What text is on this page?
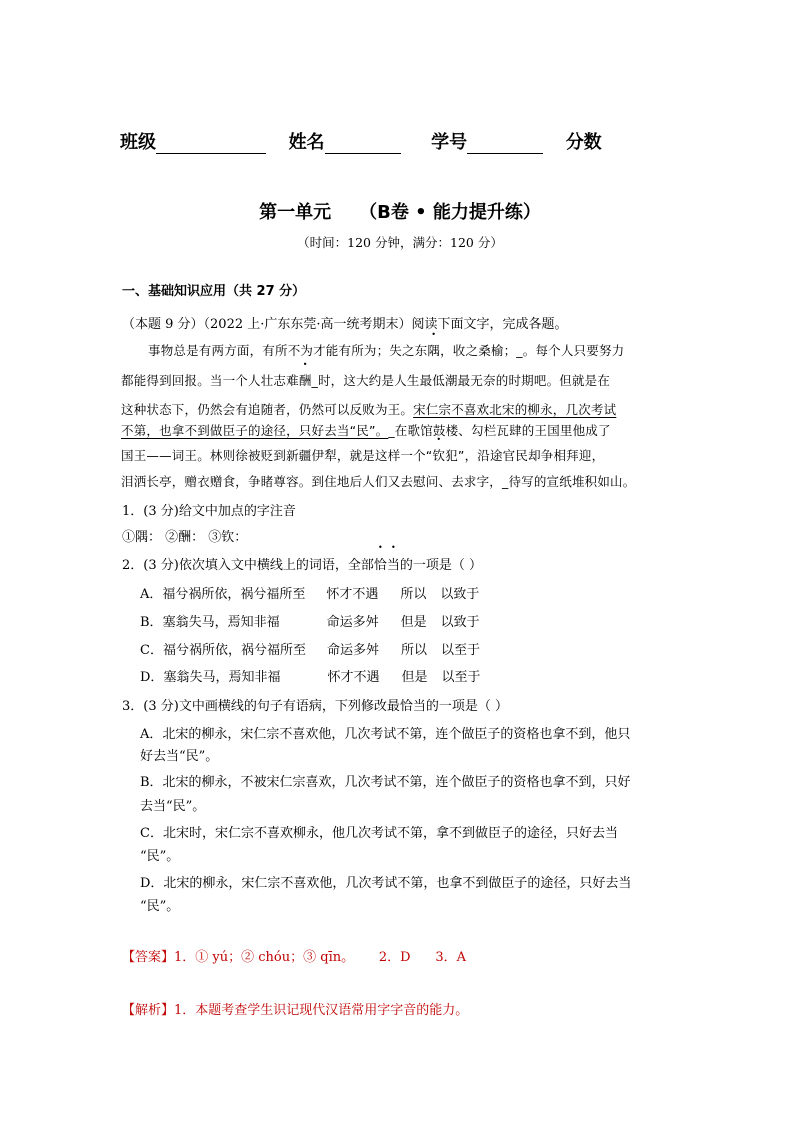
班级	姓名	学号	分数
第一单元 （B卷 • 能力提升练）
（时间：120 分钟，满分：120 分）
一、基础知识应用（共 27 分）
（本题 9 分）（2022 上·广东东莞·高一统考期末）阅读下面文字，完成各题。
事物总是有两方面，有所不为才能有所为；失之东隅，收之桑榆；_。每个人只要努力
都能得到回报。当一个人壮志难酬_时，这大约是人生最低潮最无奈的时期吧。但就是在
这种状态下，仍然会有追随者，仍然可以反败为王。宋仁宗不喜欢北宋的柳永，几次考试
不第，也拿不到做臣子的途径，只好去当“民”。_在歌馆鼓楼、勾栏瓦肆的王国里他成了
国王——词王。林则徐被贬到新疆伊犁，就是这样一个“钦犯”，沿途官民却争相拜迎，
泪洒长亭，赠衣赠食，争睹尊容。到住地后人们又去慰问、去求字，_待写的宣纸堆积如山。
1．(3 分)给文中加点的字注音
①隅： ②酬： ③钦：
2．(3 分)依次填入文中横线上的词语，全部恰当的一项是（ ）
A．福兮祸所依，祸兮福所至 怀才不遇 所以 以致于
B．塞翁失马，焉知非福	命运多舛 但是 以致于
C．福兮祸所依，祸兮福所至 命运多舛 所以 以至于
D．塞翁失马，焉知非福	怀才不遇 但是 以至于
3．(3 分)文中画横线的句子有语病，下列修改最恰当的一项是（ ）
A．北宋的柳永，宋仁宗不喜欢他，几次考试不第，连个做臣子的资格也拿不到，他只
好去当“民”。
B．北宋的柳永，不被宋仁宗喜欢，几次考试不第，连个做臣子的资格也拿不到，只好
去当“民”。
C．北宋时，宋仁宗不喜欢柳永，他几次考试不第，拿不到做臣子的途径，只好去当
“民”。
D．北宋的柳永，宋仁宗不喜欢他，几次考试不第，也拿不到做臣子的途径，只好去当
“民”。
【答案】1．① yú；② chóu；③ qīn。      2．D      3．A
【解析】1．本题考查学生识记现代汉语常用字字音的能力。
